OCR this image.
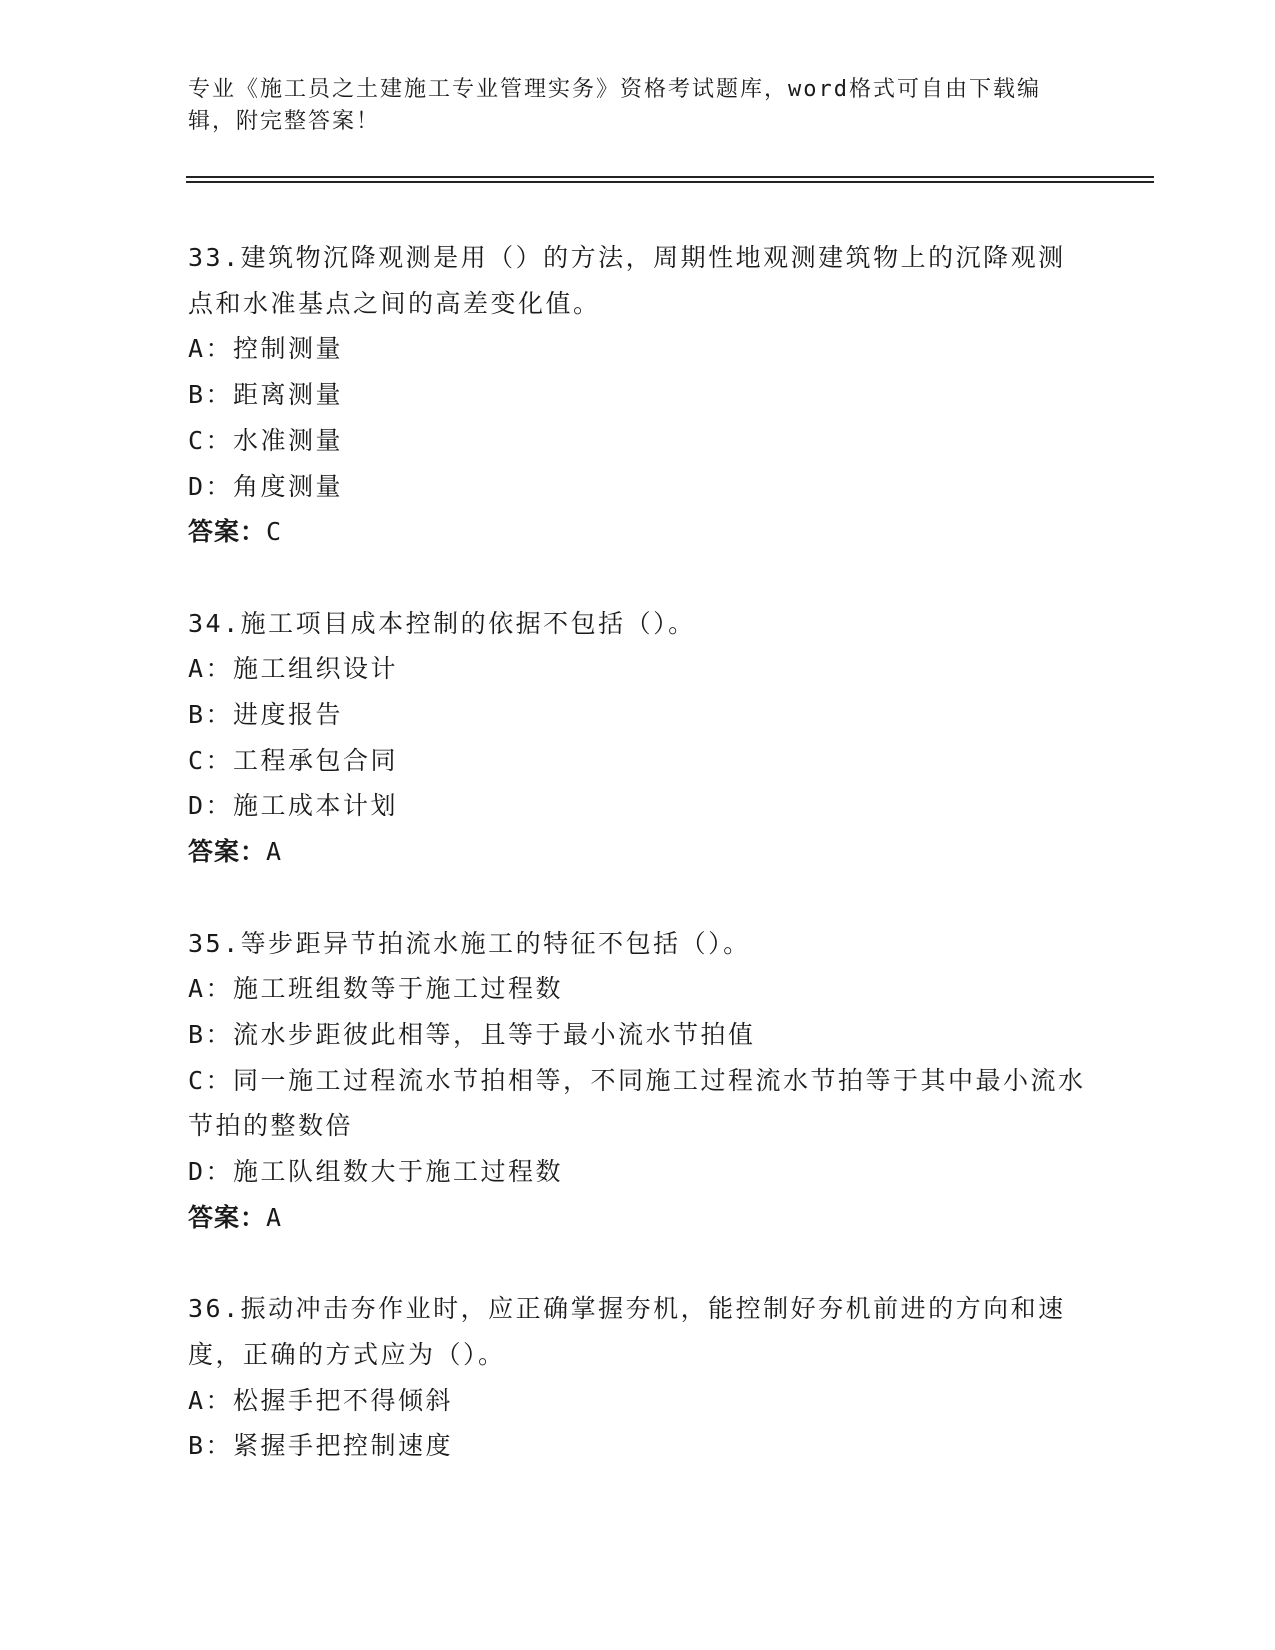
专业《施工员之土建施工专业管理实务》资格考试题库，word格式可自由下载编辑，附完整答案！

33.建筑物沉降观测是用（）的方法，周期性地观测建筑物上的沉降观测点和水准基点之间的高差变化值。

A：控制测量

B：距离测量

C：水准测量

D：角度测量

答案：C

34.施工项目成本控制的依据不包括（）。

A：施工组织设计

B：进度报告

C：工程承包合同

D：施工成本计划

答案：A

35.等步距异节拍流水施工的特征不包括（）。

A：施工班组数等于施工过程数

B：流水步距彼此相等，且等于最小流水节拍值

C：同一施工过程流水节拍相等，不同施工过程流水节拍等于其中最小流水节拍的整数倍

D：施工队组数大于施工过程数

答案：A

36.振动冲击夯作业时，应正确掌握夯机，能控制好夯机前进的方向和速度，正确的方式应为（）。

A：松握手把不得倾斜

B：紧握手把控制速度
